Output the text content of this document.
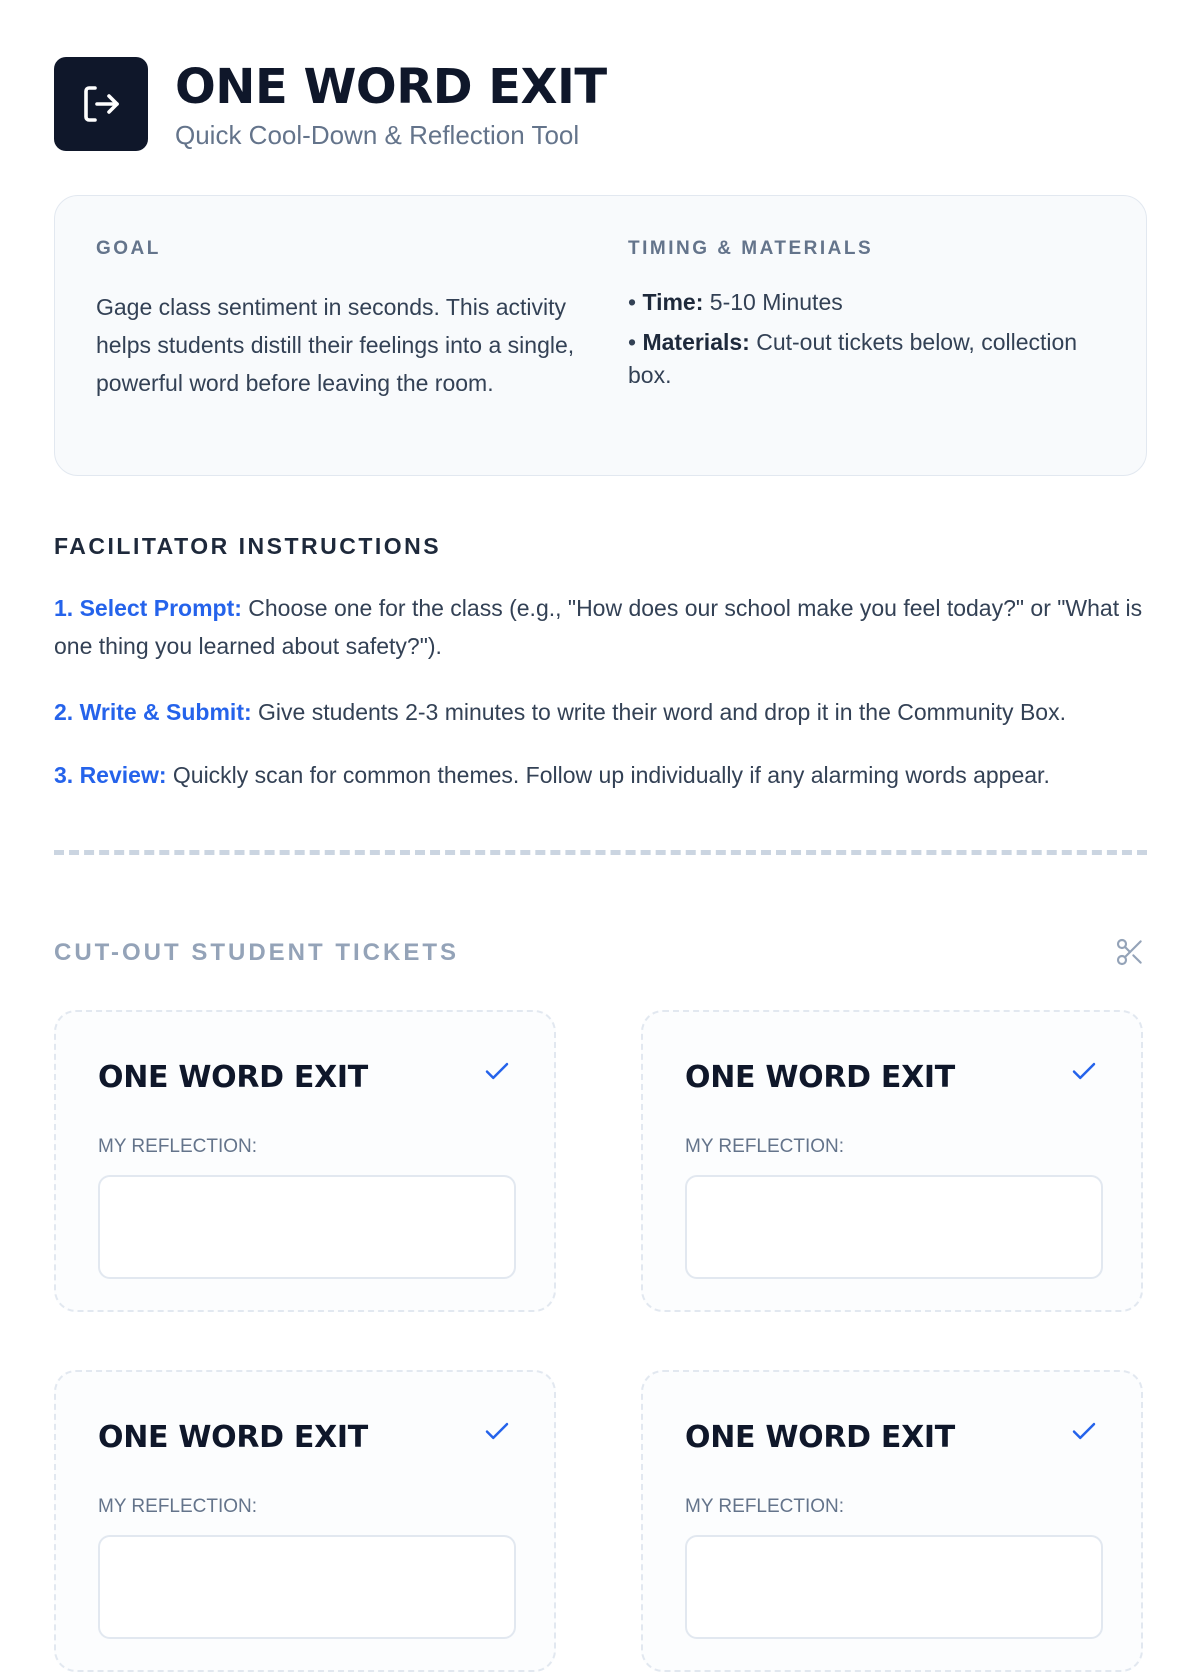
ONE WORD EXIT
Quick Cool-Down & Reflection Tool

GOAL

Gage class sentiment in seconds. This activity helps students distill their feelings into a single, powerful word before leaving the room.

TIMING & MATERIALS

• Time: 5-10 Minutes
• Materials: Cut-out tickets below, collection box.
FACILITATOR INSTRUCTIONS
1. Select Prompt: Choose one for the class (e.g., "How does our school make you feel today?" or "What is one thing you learned about safety?").
2. Write & Submit: Give students 2-3 minutes to write their word and drop it in the Community Box.
3. Review: Quickly scan for common themes. Follow up individually if any alarming words appear.
CUT-OUT STUDENT TICKETS
ONE WORD EXIT
MY REFLECTION:
ONE WORD EXIT
MY REFLECTION:
ONE WORD EXIT
MY REFLECTION:
ONE WORD EXIT
MY REFLECTION:
